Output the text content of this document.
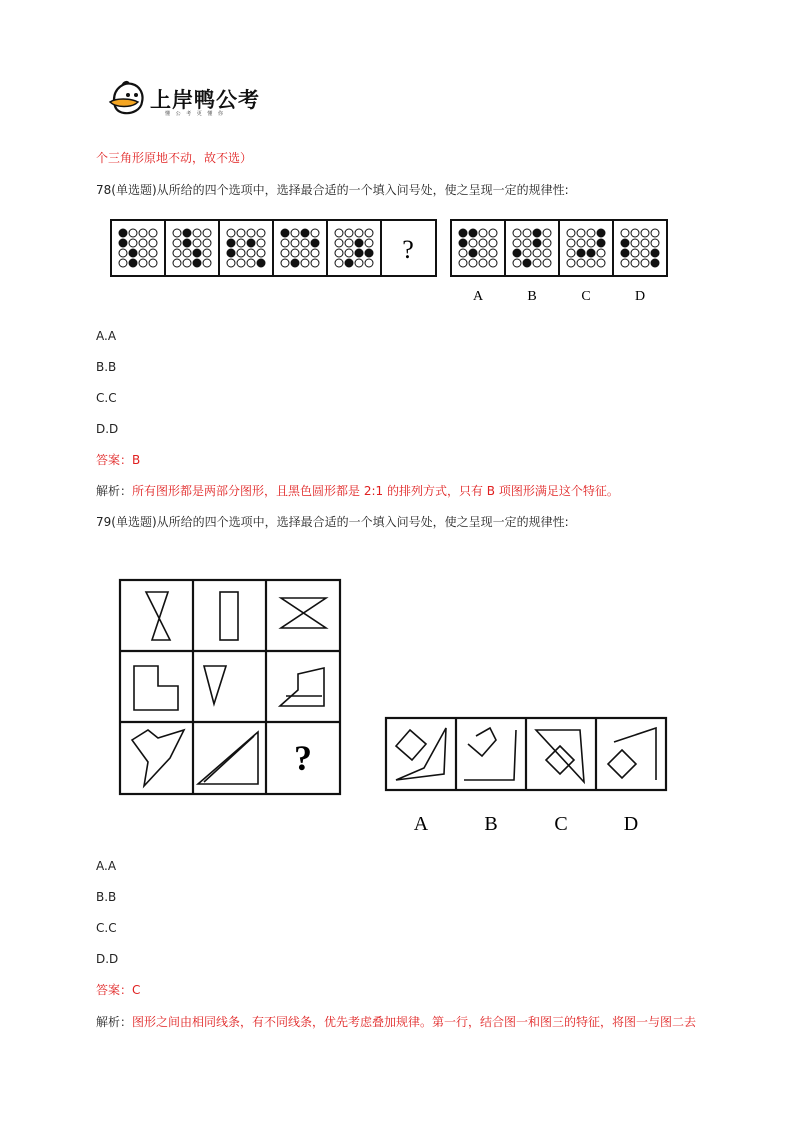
上岸鸭公考
懂 公 考 更 懂 你
个三角形原地不动，故不选）
78(单选题)从所给的四个选项中，选择最合适的一个填入问号处，使之呈现一定的规律性:
?
A	B	C	D
A.A
B.B
C.C
D.D
答案：B
解析：所有图形都是两部分图形，且黑色圆形都是 2:1 的排列方式，只有 B 项图形满足这个特征。
79(单选题)从所给的四个选项中，选择最合适的一个填入问号处，使之呈现一定的规律性:
?
A	B	C	D
A.A
B.B
C.C
D.D
答案：C
解析：图形之间由相同线条，有不同线条，优先考虑叠加规律。第一行，结合图一和图三的特征，将图一与图二去
